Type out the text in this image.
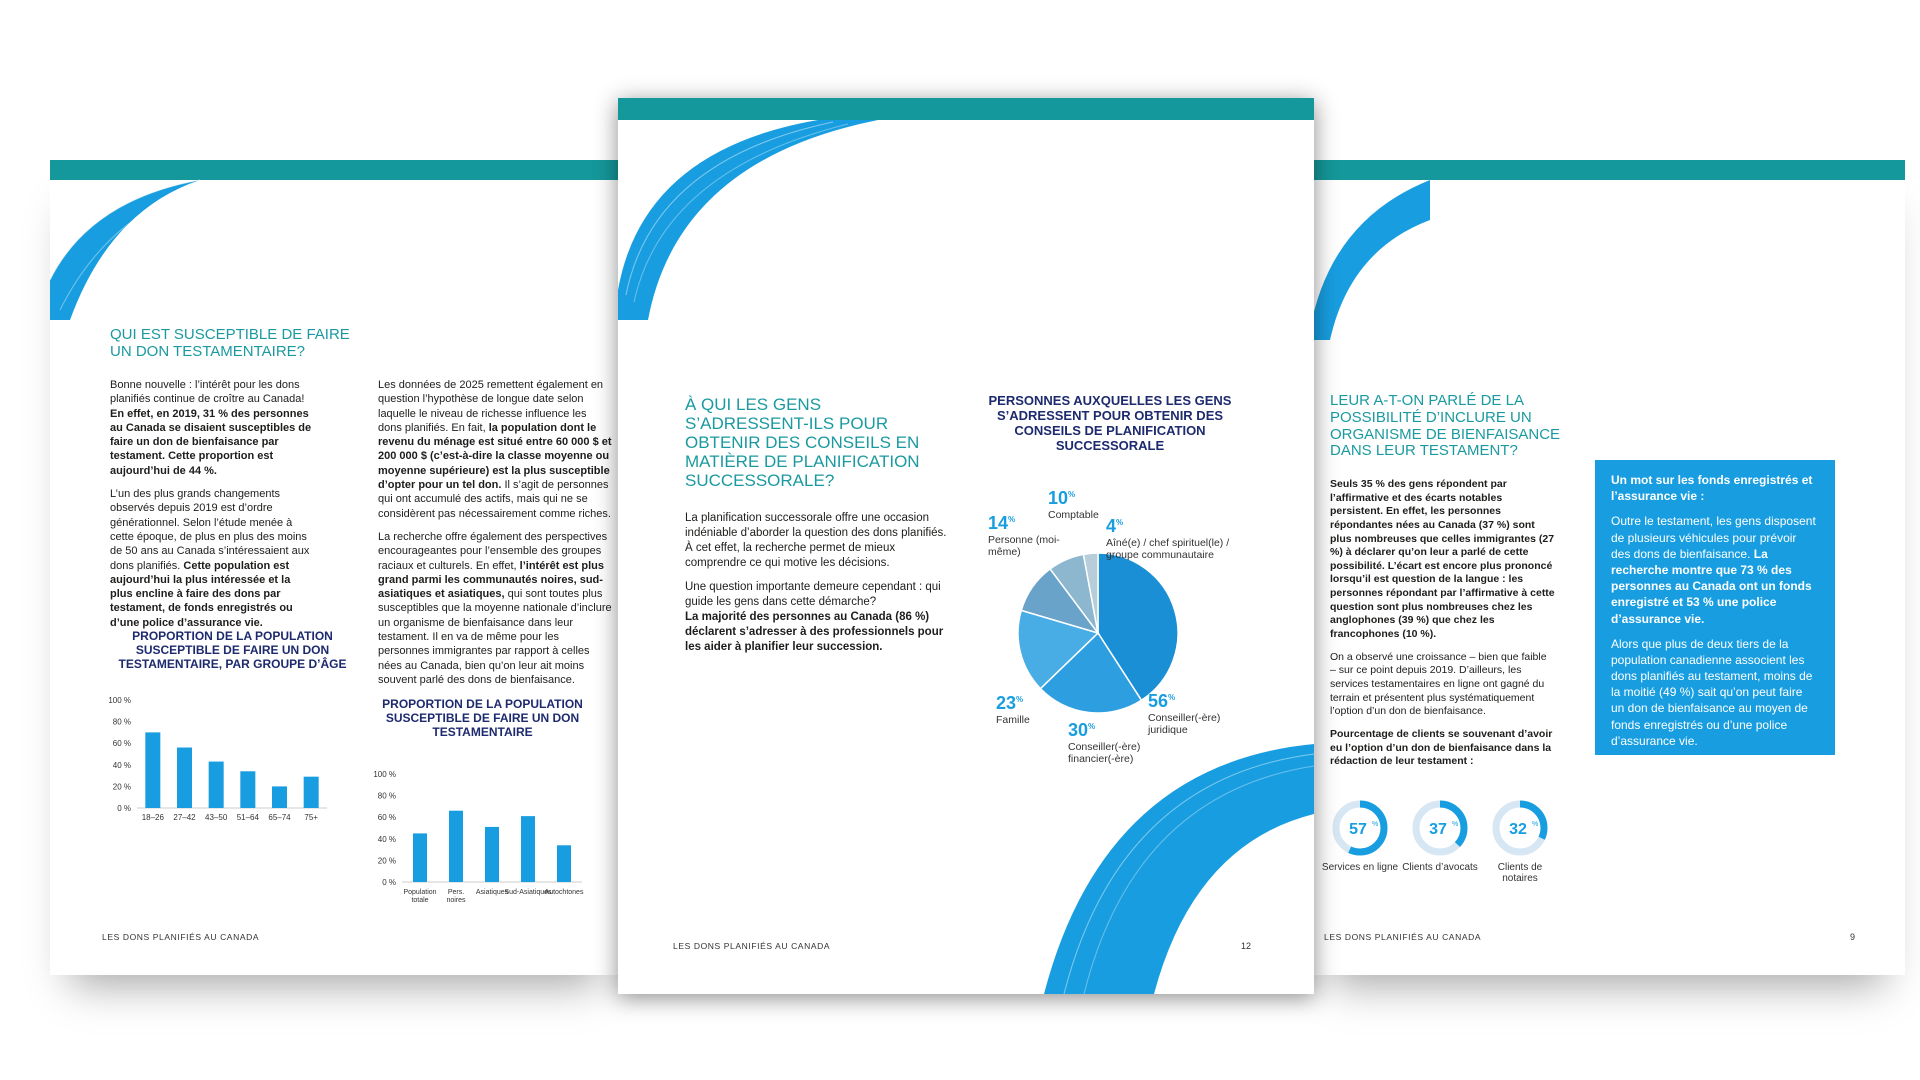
QUI EST SUSCEPTIBLE DE FAIRE UN DON TESTAMENTAIRE?

Bonne nouvelle : l’intérêt pour les dons planifiés continue de croître au Canada! En effet, en 2019, 31 % des personnes au Canada se disaient susceptibles de faire un don de bienfaisance par testament. Cette proportion est aujourd’hui de 44 %.

L’un des plus grands changements observés depuis 2019 est d’ordre générationnel. Selon l’étude menée à cette époque, de plus en plus des moins de 50 ans au Canada s’intéressaient aux dons planifiés. Cette population est aujourd’hui la plus intéressée et la plus encline à faire des dons par testament, de fonds enregistrés ou d’une police d’assurance vie.

Les données de 2025 remettent également en question l’hypothèse de longue date selon laquelle le niveau de richesse influence les dons planifiés. En fait, la population dont le revenu du ménage est situé entre 60 000 $ et 200 000 $ (c’est-à-dire la classe moyenne ou moyenne supérieure) est la plus susceptible d’opter pour un tel don. Il s’agit de personnes qui ont accumulé des actifs, mais qui ne se considèrent pas nécessairement comme riches.

La recherche offre également des perspectives encourageantes pour l’ensemble des groupes raciaux et culturels. En effet, l’intérêt est plus grand parmi les communautés noires, sud-asiatiques et asiatiques, qui sont toutes plus susceptibles que la moyenne nationale d’inclure un organisme de bienfaisance dans leur testament. Il en va de même pour les personnes immigrantes par rapport à celles nées au Canada, bien qu’on leur ait moins souvent parlé des dons de bienfaisance.

PROPORTION DE LA POPULATION SUSCEPTIBLE DE FAIRE UN DON TESTAMENTAIRE, PAR GROUPE D’ÂGE
0 %
20 %
40 %
60 %
80 %
100 %
18–26 27–42 43–50 51–64 65–74 75+
PROPORTION DE LA POPULATION SUSCEPTIBLE DE FAIRE UN DON TESTAMENTAIRE
0 %
20 %
40 %
60 %
80 %
100 %
Population
totale
Pers.
noires
Asiatiques
Sud-Asiatiques
Autochtones
LES DONS PLANIFIÉS AU CANADA
À QUI LES GENS S’ADRESSENT-ILS POUR OBTENIR DES CONSEILS EN MATIÈRE DE PLANIFICATION SUCCESSORALE?

La planification successorale offre une occasion indéniable d’aborder la question des dons planifiés. À cet effet, la recherche permet de mieux comprendre ce qui motive les décisions.

Une question importante demeure cependant : qui guide les gens dans cette démarche?

La majorité des personnes au Canada (86 %) déclarent s’adresser à des professionnels pour les aider à planifier leur succession.

PERSONNES AUXQUELLES LES GENS S’ADRESSENT POUR OBTENIR DES CONSEILS DE PLANIFICATION SUCCESSORALE
56%
Conseiller(-ère) juridique
30%
Conseiller(-ère) financier(-ère)
23%
Famille
14%
Personne (moi-même)
10%
Comptable
4%
Aîné(e) / chef spirituel(le) / groupe communautaire
LES DONS PLANIFIÉS AU CANADA	12
LEUR A-T-ON PARLÉ DE LA POSSIBILITÉ D’INCLURE UN ORGANISME DE BIENFAISANCE DANS LEUR TESTAMENT?

Seuls 35 % des gens répondent par l’affirmative et des écarts notables persistent. En effet, les personnes répondantes nées au Canada (37 %) sont plus nombreuses que celles immigrantes (27 %) à déclarer qu’on leur a parlé de cette possibilité. L’écart est encore plus prononcé lorsqu’il est question de la langue : les personnes répondant par l’affirmative à cette question sont plus nombreuses chez les anglophones (39 %) que chez les francophones (10 %).

On a observé une croissance – bien que faible – sur ce point depuis 2019. D’ailleurs, les services testamentaires en ligne ont gagné du terrain et présentent plus systématiquement l’option d’un don de bienfaisance.

Pourcentage de clients se souvenant d’avoir eu l’option d’un don de bienfaisance dans la rédaction de leur testament :

57 %
Services en ligne
37 %
Clients d’avocats
32 %
Clients de notaires

Un mot sur les fonds enregistrés et l’assurance vie :

Outre le testament, les gens disposent de plusieurs véhicules pour prévoir des dons de bienfaisance. La recherche montre que 73 % des personnes au Canada ont un fonds enregistré et 53 % une police d’assurance vie.

Alors que plus de deux tiers de la population canadienne associent les dons planifiés au testament, moins de la moitié (49 %) sait qu’on peut faire un don de bienfaisance au moyen de fonds enregistrés ou d’une police d’assurance vie.

LES DONS PLANIFIÉS AU CANADA	9
